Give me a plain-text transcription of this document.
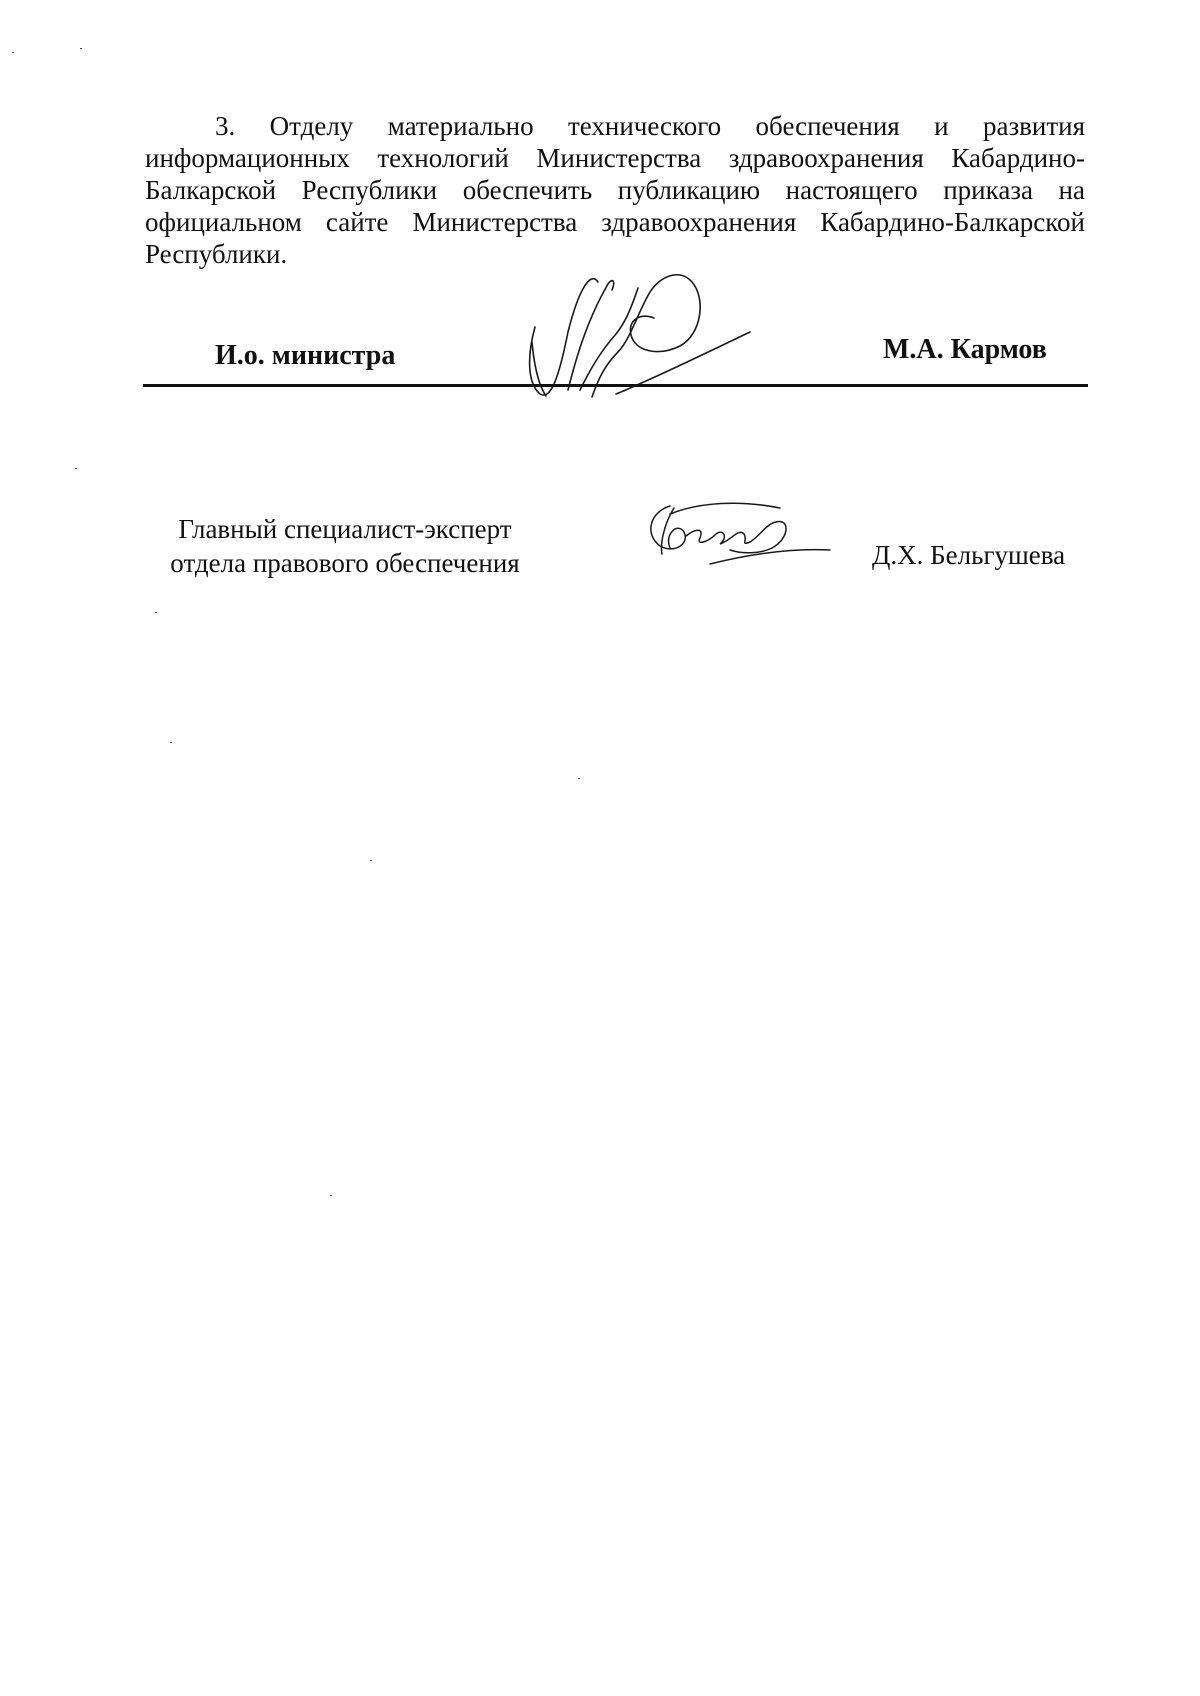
3. Отделу материально технического обеспечения и развития
информационных технологий Министерства здравоохранения Кабардино-
Балкарской Республики обеспечить публикацию настоящего приказа на
официальном сайте Министерства здравоохранения Кабардино-Балкарской
Республики.
И.о. министра	М.А. Кармов
Главный специалист-эксперт
отдела правового обеспечения	Д.Х. Бельгушева
